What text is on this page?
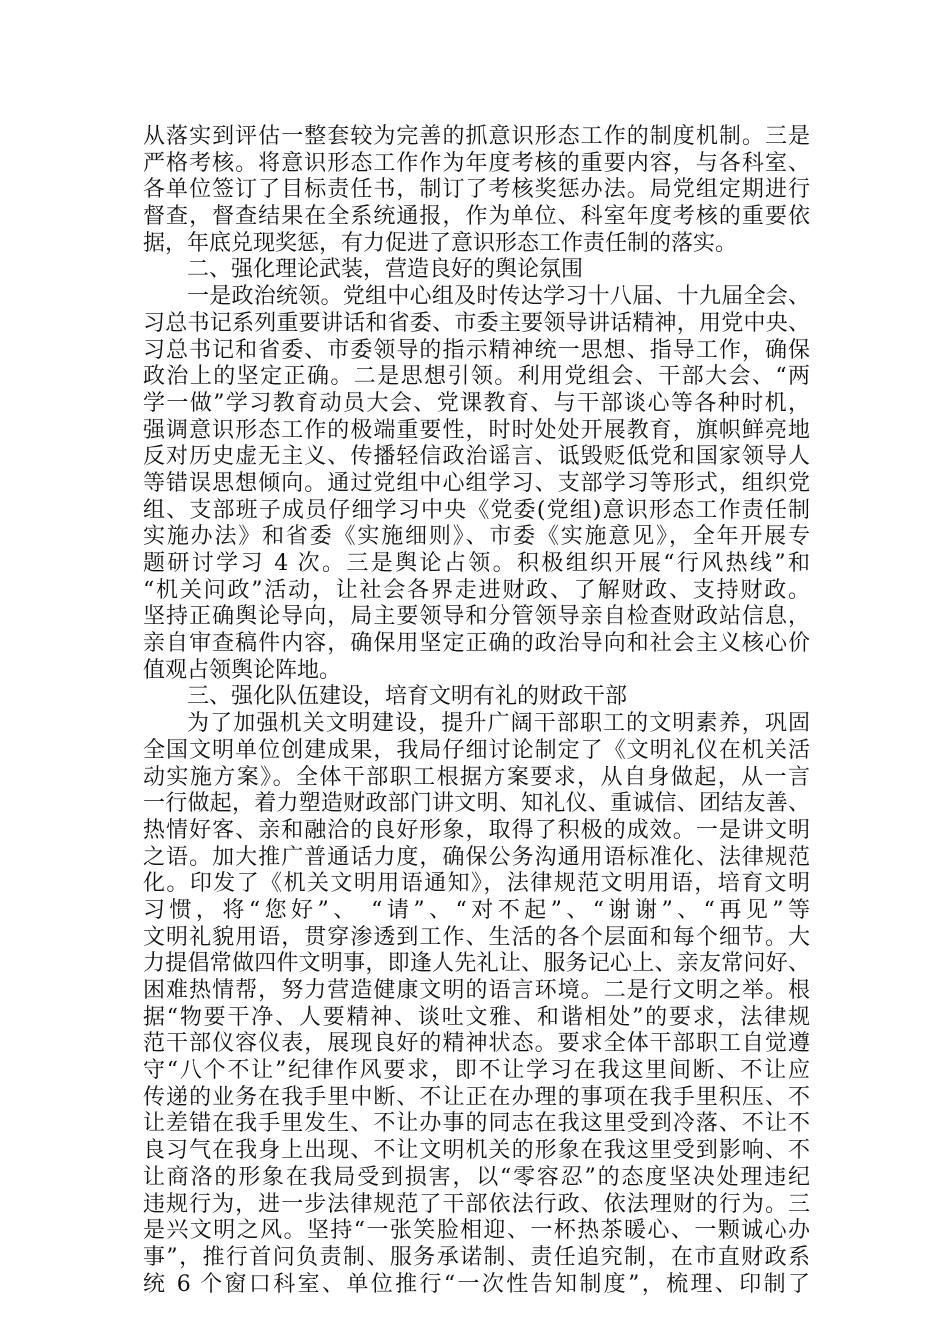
从落实到评估一整套较为完善的抓意识形态工作的制度机制。三是
严格考核。将意识形态工作作为年度考核的重要内容，与各科室、
各单位签订了目标责任书，制订了考核奖惩办法。局党组定期进行
督查，督查结果在全系统通报，作为单位、科室年度考核的重要依
据，年底兑现奖惩，有力促进了意识形态工作责任制的落实。
二、强化理论武装，营造良好的舆论氛围
一是政治统领。党组中心组及时传达学习十八届、十九届全会、
习总书记系列重要讲话和省委、市委主要领导讲话精神，用党中央、
习总书记和省委、市委领导的指示精神统一思想、指导工作，确保
政治上的坚定正确。二是思想引领。利用党组会、干部大会、“两
学一做”学习教育动员大会、党课教育、与干部谈心等各种时机，
强调意识形态工作的极端重要性，时时处处开展教育，旗帜鲜亮地
反对历史虚无主义、传播轻信政治谣言、诋毁贬低党和国家领导人
等错误思想倾向。通过党组中心组学习、支部学习等形式，组织党
组、支部班子成员仔细学习中央《党委(党组)意识形态工作责任制
实施办法》和省委《实施细则》、市委《实施意见》，全年开展专
题研讨学习 4 次。三是舆论占领。积极组织开展“行风热线”和
“机关问政”活动，让社会各界走进财政、了解财政、支持财政。
坚持正确舆论导向，局主要领导和分管领导亲自检查财政站信息，
亲自审查稿件内容，确保用坚定正确的政治导向和社会主义核心价
值观占领舆论阵地。
三、强化队伍建设，培育文明有礼的财政干部
为了加强机关文明建设，提升广阔干部职工的文明素养，巩固
全国文明单位创建成果，我局仔细讨论制定了《文明礼仪在机关活
动实施方案》。全体干部职工根据方案要求，从自身做起，从一言
一行做起，着力塑造财政部门讲文明、知礼仪、重诚信、团结友善、
热情好客、亲和融洽的良好形象，取得了积极的成效。一是讲文明
之语。加大推广普通话力度，确保公务沟通用语标准化、法律规范
化。印发了《机关文明用语通知》，法律规范文明用语，培育文明
习惯，将“您好”、 “请”、“对不起”、“谢谢”、“再见”等
文明礼貌用语，贯穿渗透到工作、生活的各个层面和每个细节。大
力提倡常做四件文明事，即逢人先礼让、服务记心上、亲友常问好、
困难热情帮，努力营造健康文明的语言环境。二是行文明之举。根
据“物要干净、人要精神、谈吐文雅、和谐相处”的要求，法律规
范干部仪容仪表，展现良好的精神状态。要求全体干部职工自觉遵
守“八个不让”纪律作风要求，即不让学习在我这里间断、不让应
传递的业务在我手里中断、不让正在办理的事项在我手里积压、不
让差错在我手里发生、不让办事的同志在我这里受到冷落、不让不
良习气在我身上出现、不让文明机关的形象在我这里受到影响、不
让商洛的形象在我局受到损害，以“零容忍”的态度坚决处理违纪
违规行为，进一步法律规范了干部依法行政、依法理财的行为。三
是兴文明之风。坚持“一张笑脸相迎、一杯热茶暖心、一颗诚心办
事”，推行首问负责制、服务承诺制、责任追究制，在市直财政系
统 6 个窗口科室、单位推行“一次性告知制度”，梳理、印制了
